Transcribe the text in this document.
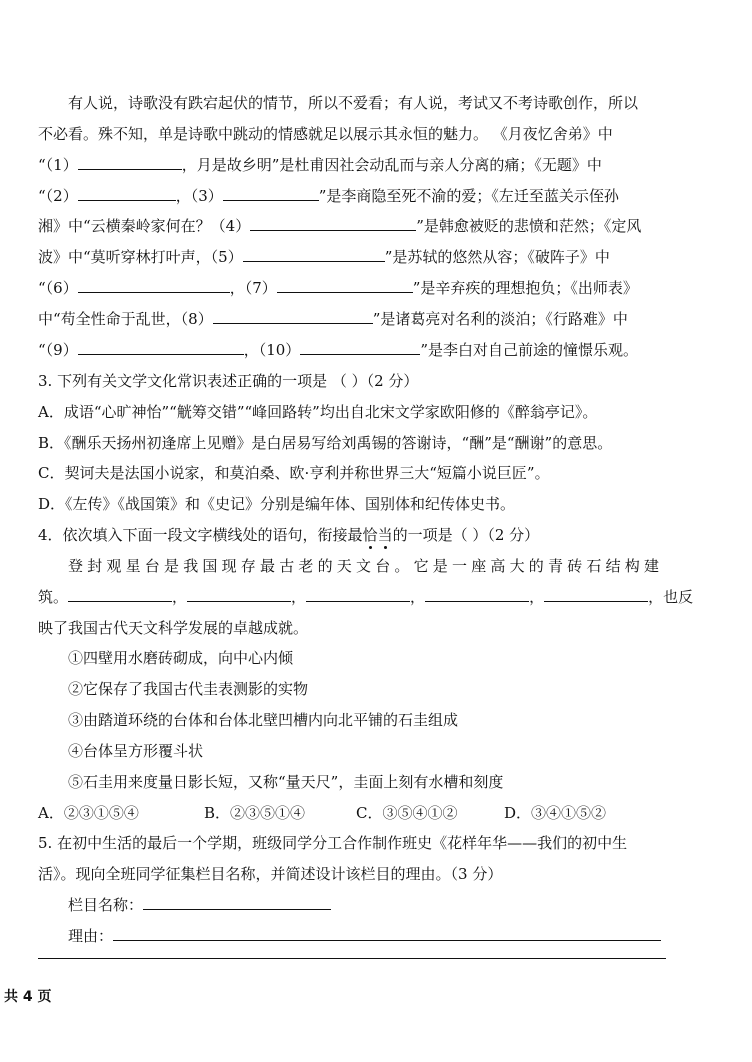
有人说，诗歌没有跌宕起伏的情节，所以不爱看；有人说，考试又不考诗歌创作，所以
不必看。殊不知，单是诗歌中跳动的情感就足以展示其永恒的魅力。 《月夜忆舍弟》中
“（1）	，月是故乡明”是杜甫因社会动乱而与亲人分离的痛；《无题》中
“（2）	，（3）	”是李商隐至死不渝的爱；《左迁至蓝关示侄孙
湘》中“云横秦岭家何在？（4）	”是韩愈被贬的悲愤和茫然；《定风
波》中“莫听穿林打叶声，（5）	”是苏轼的悠然从容；《破阵子》中
“（6）	，（7）	”是辛弃疾的理想抱负；《出师表》
中“苟全性命于乱世，（8）	”是诸葛亮对名利的淡泊；《行路难》中
“（9）	，（10）	”是李白对自己前途的憧憬乐观。
3. 下列有关文学文化常识表述正确的一项是 （ ）（2 分）
A．成语“心旷神怡”“觥筹交错”“峰回路转”均出自北宋文学家欧阳修的《醉翁亭记》。
B．《酬乐天扬州初逢席上见赠》是白居易写给刘禹锡的答谢诗，“酬”是“酬谢”的意思。
C．契诃夫是法国小说家，和莫泊桑、欧·亨利并称世界三大“短篇小说巨匠”。
D．《左传》《战国策》和《史记》分别是编年体、国别体和纪传体史书。
4．依次填入下面一段文字横线处的语句，衔接最恰当的一项是（ ）（2 分）
登封观星台是我国现存最古老的天文台。它是一座高大的青砖石结构建
筑。	，	，	，	，	，也反
映了我国古代天文科学发展的卓越成就。
①四壁用水磨砖砌成，向中心内倾
②它保存了我国古代圭表测影的实物
③由踏道环绕的台体和台体北壁凹槽内向北平铺的石圭组成
④台体呈方形覆斗状
⑤石圭用来度量日影长短，又称“量天尺”，圭面上刻有水槽和刻度
A．②③①⑤④	B．②③⑤①④	C．③⑤④①②	D．③④①⑤②
5. 在初中生活的最后一个学期，班级同学分工合作制作班史《花样年华——我们的初中生
活》。现向全班同学征集栏目名称，并简述设计该栏目的理由。（3 分）
栏目名称：
理由：
共 4 页
